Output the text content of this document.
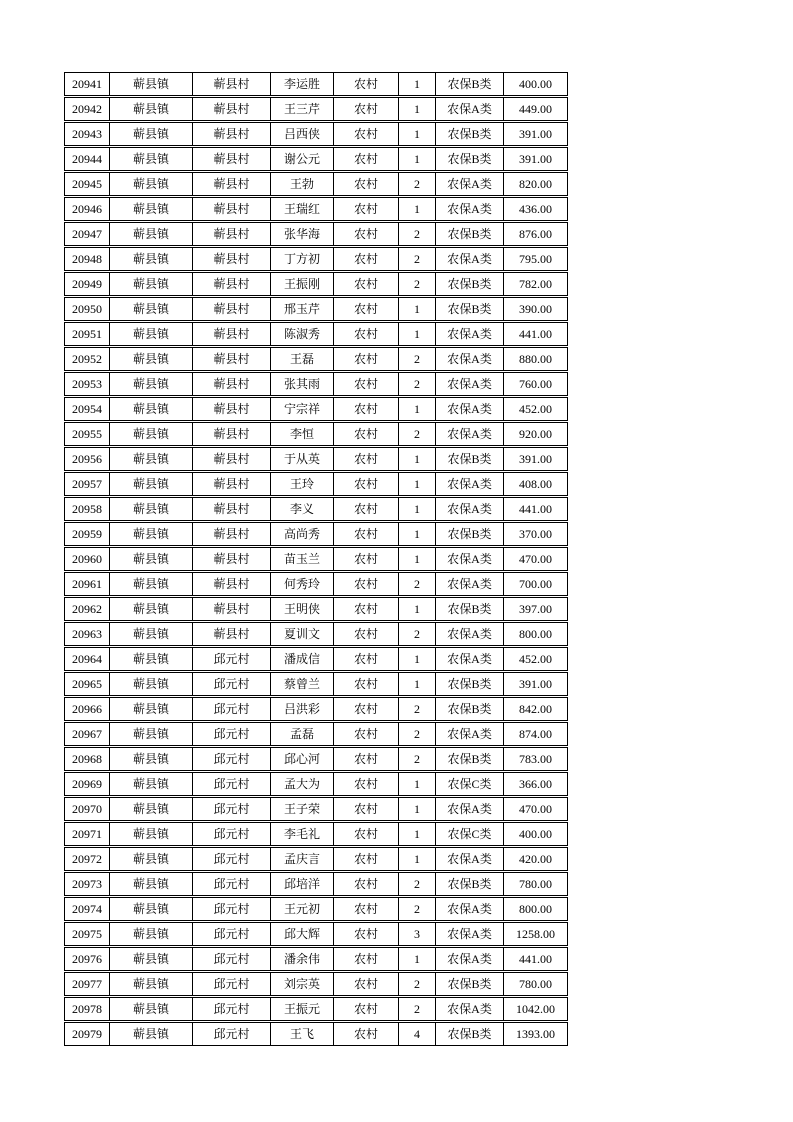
20941	蕲县镇	蕲县村	李运胜	农村	1	农保B类	400.00
20942	蕲县镇	蕲县村	王三芹	农村	1	农保A类	449.00
20943	蕲县镇	蕲县村	吕西侠	农村	1	农保B类	391.00
20944	蕲县镇	蕲县村	谢公元	农村	1	农保B类	391.00
20945	蕲县镇	蕲县村	王勃	农村	2	农保A类	820.00
20946	蕲县镇	蕲县村	王瑞红	农村	1	农保A类	436.00
20947	蕲县镇	蕲县村	张华海	农村	2	农保B类	876.00
20948	蕲县镇	蕲县村	丁方初	农村	2	农保A类	795.00
20949	蕲县镇	蕲县村	王振刚	农村	2	农保B类	782.00
20950	蕲县镇	蕲县村	邢玉芹	农村	1	农保B类	390.00
20951	蕲县镇	蕲县村	陈淑秀	农村	1	农保A类	441.00
20952	蕲县镇	蕲县村	王磊	农村	2	农保A类	880.00
20953	蕲县镇	蕲县村	张其雨	农村	2	农保A类	760.00
20954	蕲县镇	蕲县村	宁宗祥	农村	1	农保A类	452.00
20955	蕲县镇	蕲县村	李恒	农村	2	农保A类	920.00
20956	蕲县镇	蕲县村	于从英	农村	1	农保B类	391.00
20957	蕲县镇	蕲县村	王玲	农村	1	农保A类	408.00
20958	蕲县镇	蕲县村	李义	农村	1	农保A类	441.00
20959	蕲县镇	蕲县村	高尚秀	农村	1	农保B类	370.00
20960	蕲县镇	蕲县村	苗玉兰	农村	1	农保A类	470.00
20961	蕲县镇	蕲县村	何秀玲	农村	2	农保A类	700.00
20962	蕲县镇	蕲县村	王明侠	农村	1	农保B类	397.00
20963	蕲县镇	蕲县村	夏训文	农村	2	农保A类	800.00
20964	蕲县镇	邱元村	潘成信	农村	1	农保A类	452.00
20965	蕲县镇	邱元村	蔡曾兰	农村	1	农保B类	391.00
20966	蕲县镇	邱元村	吕洪彩	农村	2	农保B类	842.00
20967	蕲县镇	邱元村	孟磊	农村	2	农保A类	874.00
20968	蕲县镇	邱元村	邱心河	农村	2	农保B类	783.00
20969	蕲县镇	邱元村	孟大为	农村	1	农保C类	366.00
20970	蕲县镇	邱元村	王子荣	农村	1	农保A类	470.00
20971	蕲县镇	邱元村	李毛礼	农村	1	农保C类	400.00
20972	蕲县镇	邱元村	孟庆言	农村	1	农保A类	420.00
20973	蕲县镇	邱元村	邱培洋	农村	2	农保B类	780.00
20974	蕲县镇	邱元村	王元初	农村	2	农保A类	800.00
20975	蕲县镇	邱元村	邱大辉	农村	3	农保A类	1258.00
20976	蕲县镇	邱元村	潘余伟	农村	1	农保A类	441.00
20977	蕲县镇	邱元村	刘宗英	农村	2	农保B类	780.00
20978	蕲县镇	邱元村	王振元	农村	2	农保A类	1042.00
20979	蕲县镇	邱元村	王飞	农村	4	农保B类	1393.00
